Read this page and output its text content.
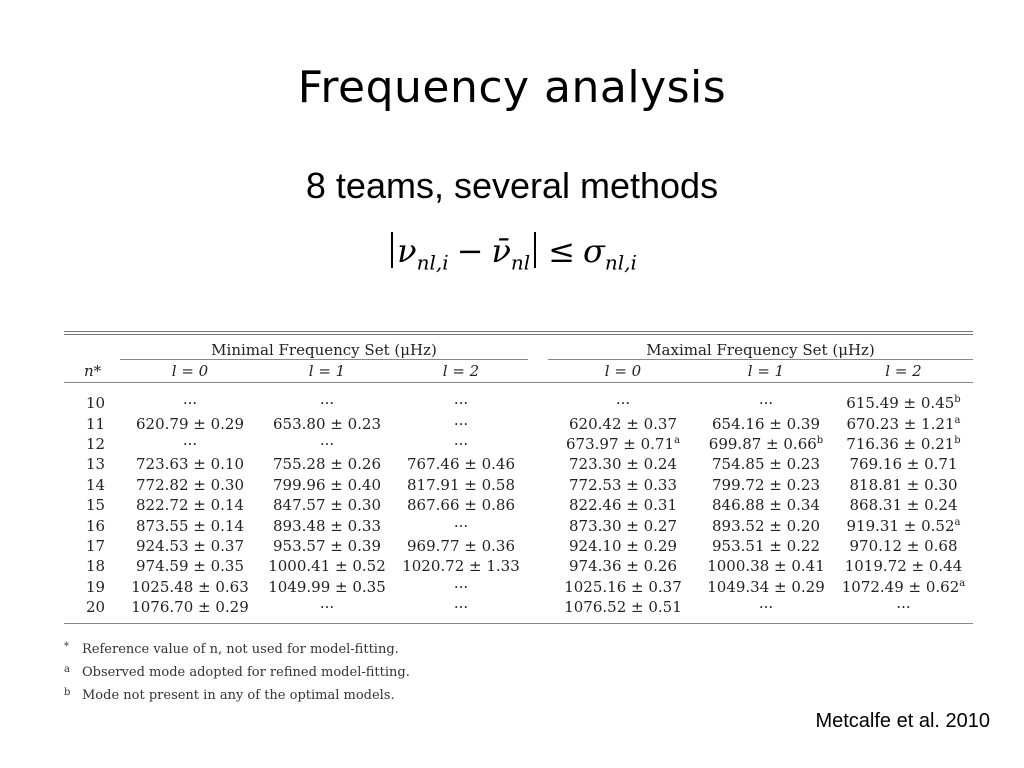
Frequency analysis
8 teams, several methods
$\nu_{nl,i}$ − $\nū_{nl} \le \sigma_{nl,i}$
	Minimal Frequency Set (μHz)				Maximal Frequency Set (μHz)		
n*	l = 0	l = 1	l = 2		l = 0	l = 1	l = 2
10	···	···	···		···	···	615.49 ± 0.45$^b$
11	620.79 ± 0.29	653.80 ± 0.23	···		620.42 ± 0.37	654.16 ± 0.39	670.23 ± 1.21$^a$
12	···	···	···		673.97 ± 0.71$^a$	699.87 ± 0.66$^b$	716.36 ± 0.21$^b$
13	723.63 ± 0.10	755.28 ± 0.26	767.46 ± 0.46		723.30 ± 0.24	754.85 ± 0.23	769.16 ± 0.71
14	772.82 ± 0.30	799.96 ± 0.40	817.91 ± 0.58		772.53 ± 0.33	799.72 ± 0.23	818.81 ± 0.30
15	822.72 ± 0.14	847.57 ± 0.30	867.66 ± 0.86		822.46 ± 0.31	846.88 ± 0.34	868.31 ± 0.24
16	873.55 ± 0.14	893.48 ± 0.33	···		873.30 ± 0.27	893.52 ± 0.20	919.31 ± 0.52$^a$
17	924.53 ± 0.37	953.57 ± 0.39	969.77 ± 0.36		924.10 ± 0.29	953.51 ± 0.22	970.12 ± 0.68
18	974.59 ± 0.35	1000.41 ± 0.52	1020.72 ± 1.33		974.36 ± 0.26	1000.38 ± 0.41	1019.72 ± 0.44
19	1025.48 ± 0.63	1049.99 ± 0.35	···		1025.16 ± 0.37	1049.34 ± 0.29	1072.49 ± 0.62$^a$
20	1076.70 ± 0.29	···	···		1076.52 ± 0.51	···	···
* Reference value of n, not used for model-fitting.
a Observed mode adopted for refined model-fitting.
b Mode not present in any of the optimal models.
Metcalfe et al. 2010
